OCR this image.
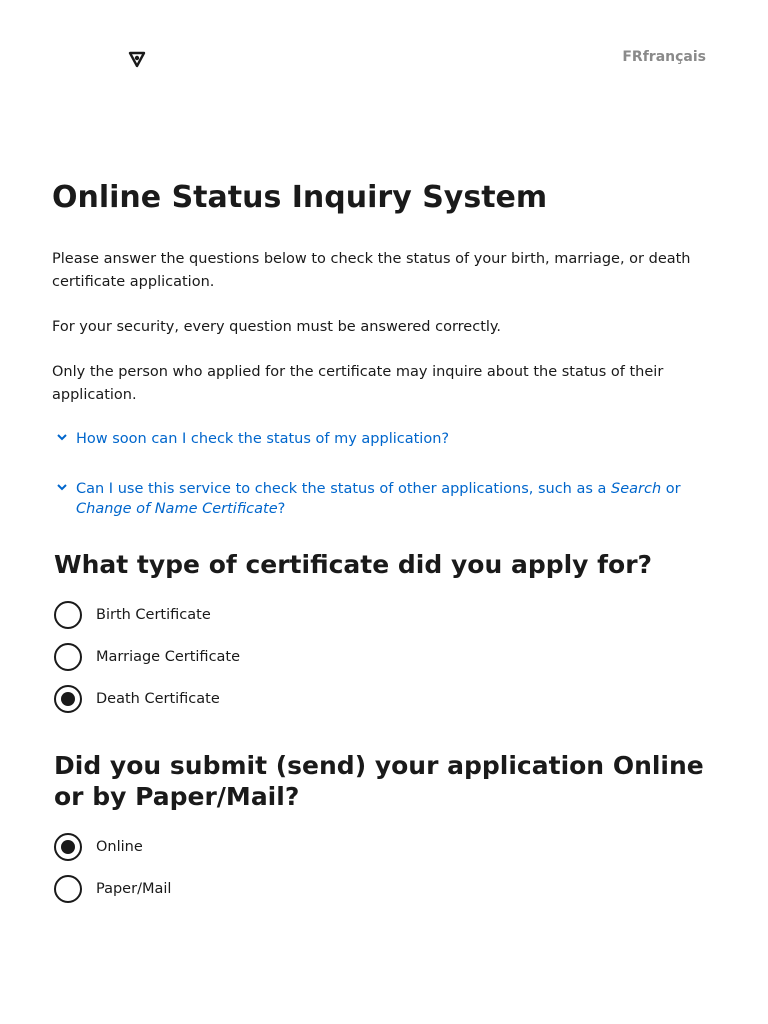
FRfrançais
Online Status Inquiry System

Please answer the questions below to check the status of your birth, marriage, or death certificate application.

For your security, every question must be answered correctly.

Only the person who applied for the certificate may inquire about the status of their application.

How soon can I check the status of my application?
Can I use this service to check the status of other applications, such as a Search or Change of Name Certificate?
What type of certificate did you apply for?
Birth Certificate
Marriage Certificate
Death Certificate
Did you submit (send) your application Online or by Paper/Mail?
Online
Paper/Mail
